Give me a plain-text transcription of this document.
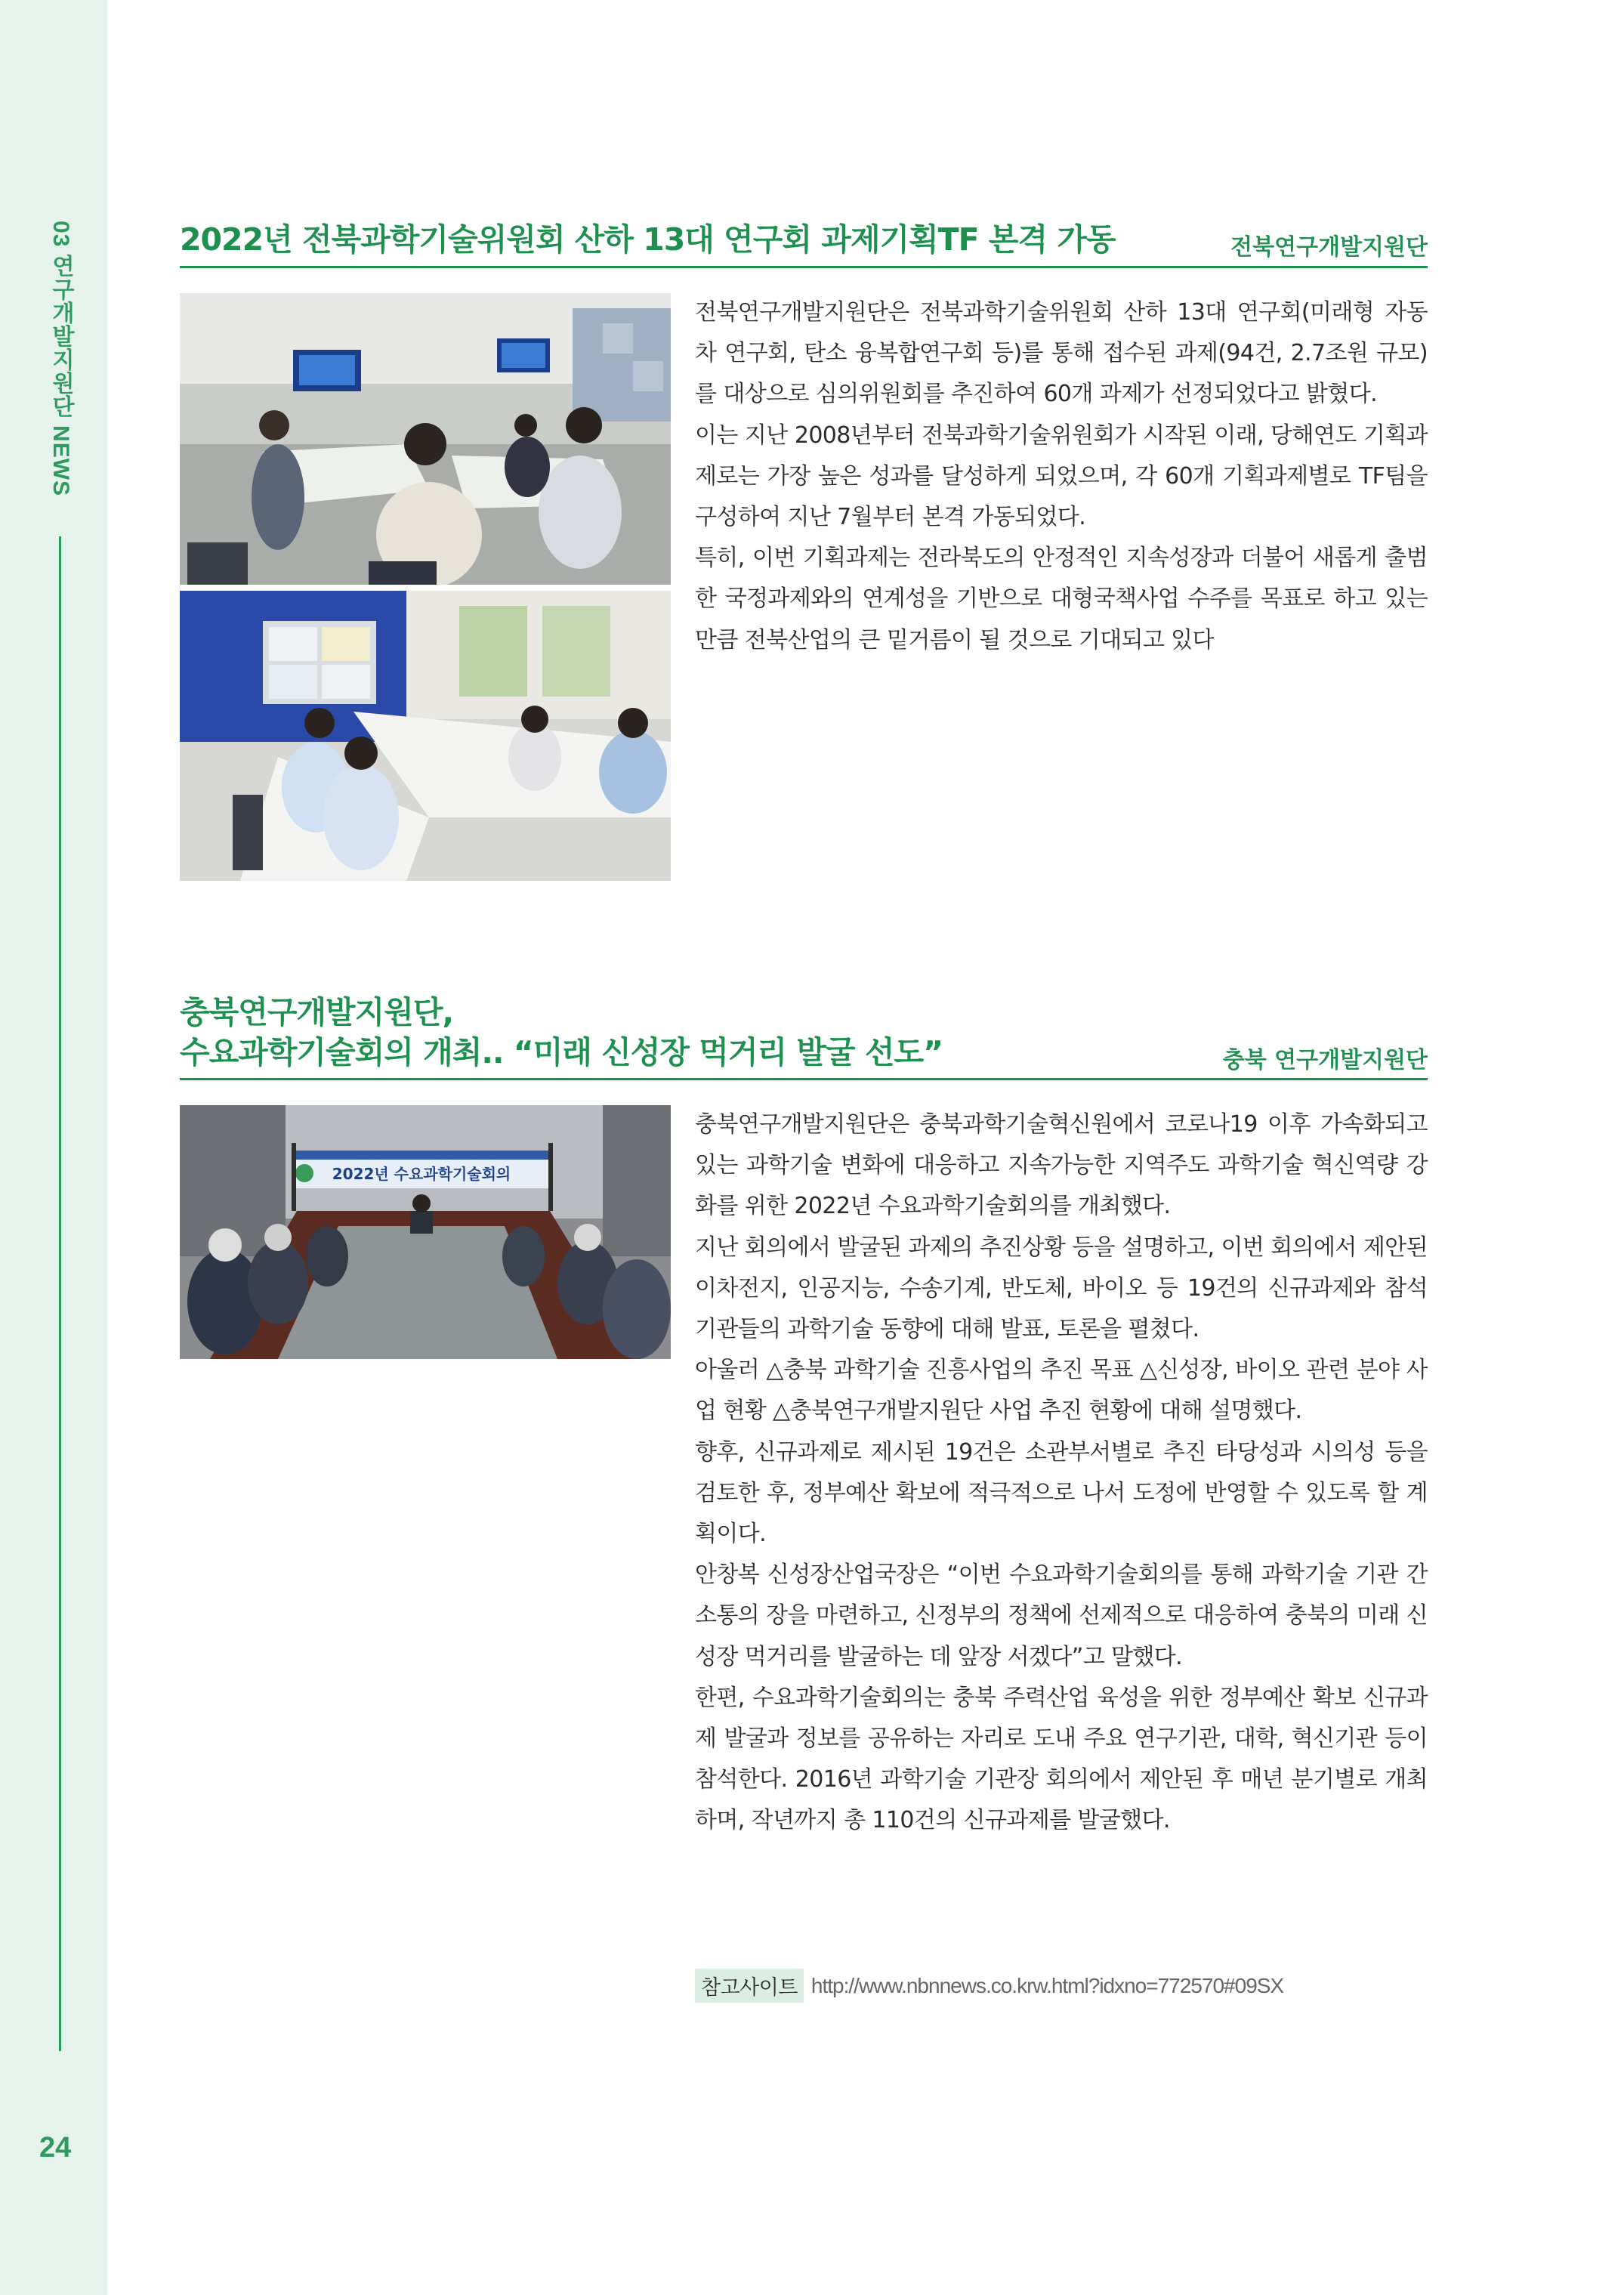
03 연구개발지원단 NEWS
24
2022년 전북과학기술위원회 산하 13대 연구회 과제기획TF 본격 가동	전북연구개발지원단

전북연구개발지원단은 전북과학기술위원회 산하 13대 연구회(미래형 자동차 연구회, 탄소 융복합연구회 등)를 통해 접수된 과제(94건, 2.7조원 규모)를 대상으로 심의위원회를 추진하여 60개 과제가 선정되었다고 밝혔다.

이는 지난 2008년부터 전북과학기술위원회가 시작된 이래, 당해연도 기획과제로는 가장 높은 성과를 달성하게 되었으며, 각 60개 기획과제별로 TF팀을 구성하여 지난 7월부터 본격 가동되었다.

특히, 이번 기획과제는 전라북도의 안정적인 지속성장과 더불어 새롭게 출범한 국정과제와의 연계성을 기반으로 대형국책사업 수주를 목표로 하고 있는 만큼 전북산업의 큰 밑거름이 될 것으로 기대되고 있다

충북연구개발지원단,
수요과학기술회의 개최.. “미래 신성장 먹거리 발굴 선도”	충북 연구개발지원단
2022년 수요과학기술회의

충북연구개발지원단은 충북과학기술혁신원에서 코로나19 이후 가속화되고 있는 과학기술 변화에 대응하고 지속가능한 지역주도 과학기술 혁신역량 강화를 위한 2022년 수요과학기술회의를 개최했다.

지난 회의에서 발굴된 과제의 추진상황 등을 설명하고, 이번 회의에서 제안된 이차전지, 인공지능, 수송기계, 반도체, 바이오 등 19건의 신규과제와 참석 기관들의 과학기술 동향에 대해 발표, 토론을 펼쳤다.

아울러 △충북 과학기술 진흥사업의 추진 목표 △신성장, 바이오 관련 분야 사업 현황 △충북연구개발지원단 사업 추진 현황에 대해 설명했다.

향후, 신규과제로 제시된 19건은 소관부서별로 추진 타당성과 시의성 등을 검토한 후, 정부예산 확보에 적극적으로 나서 도정에 반영할 수 있도록 할 계획이다.

안창복 신성장산업국장은 “이번 수요과학기술회의를 통해 과학기술 기관 간 소통의 장을 마련하고, 신정부의 정책에 선제적으로 대응하여 충북의 미래 신성장 먹거리를 발굴하는 데 앞장 서겠다”고 말했다.

한편, 수요과학기술회의는 충북 주력산업 육성을 위한 정부예산 확보 신규과제 발굴과 정보를 공유하는 자리로 도내 주요 연구기관, 대학, 혁신기관 등이 참석한다. 2016년 과학기술 기관장 회의에서 제안된 후 매년 분기별로 개최하며, 작년까지 총 110건의 신규과제를 발굴했다.

참고사이트 http://www.nbnnews.co.krw.html?idxno=772570#09SX
